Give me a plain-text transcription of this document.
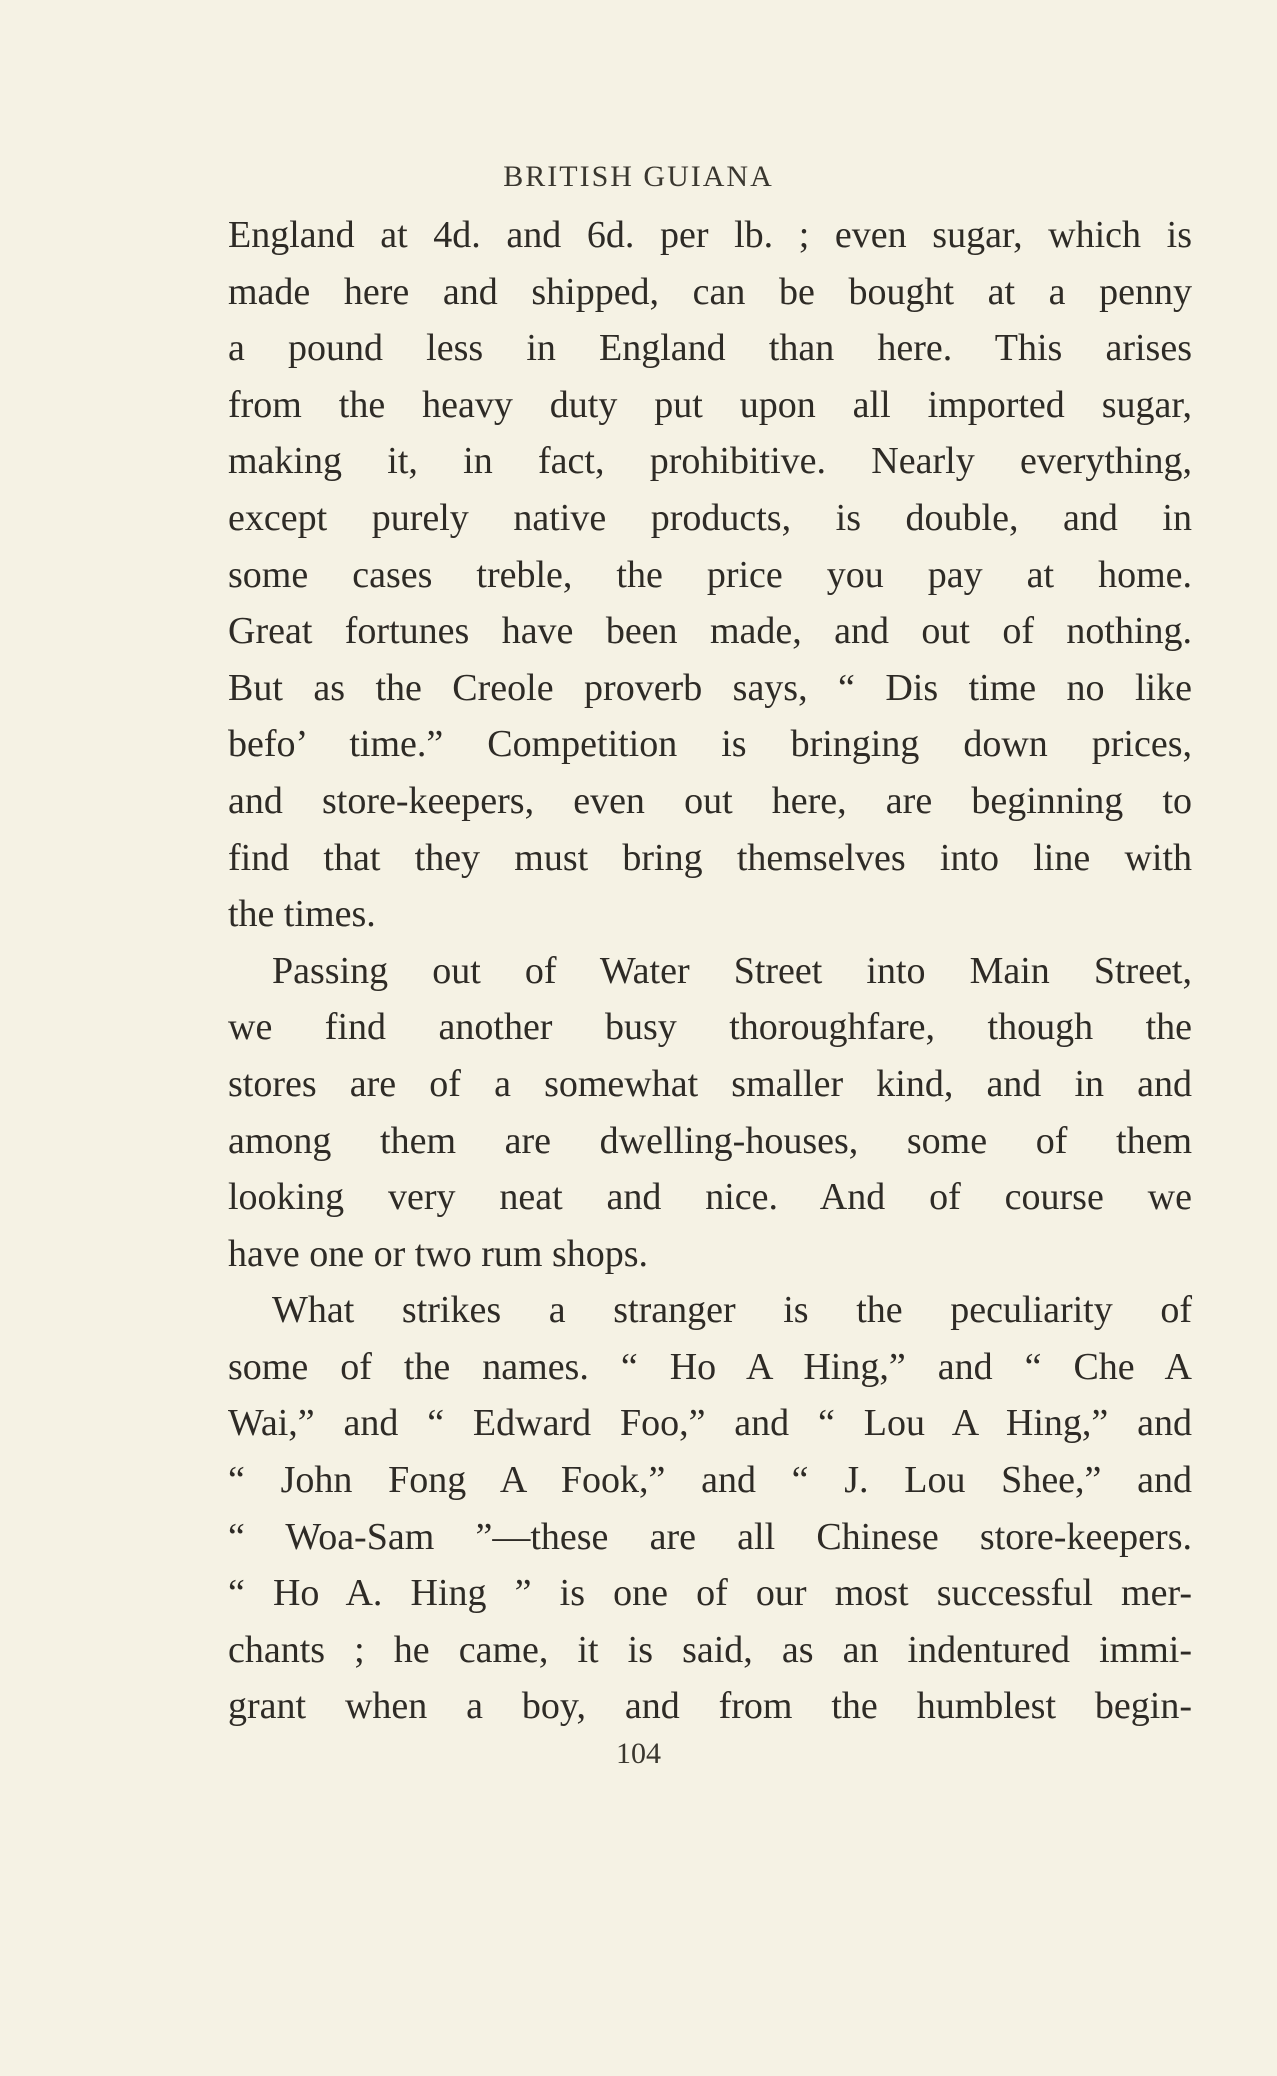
BRITISH GUIANA
England at 4d. and 6d. per lb. ; even sugar, which is
made here and shipped, can be bought at a penny
a pound less in England than here. This arises
from the heavy duty put upon all imported sugar,
making it, in fact, prohibitive. Nearly everything,
except purely native products, is double, and in
some cases treble, the price you pay at home.
Great fortunes have been made, and out of nothing.
But as the Creole proverb says, “ Dis time no like
befo’ time.” Competition is bringing down prices,
and store-keepers, even out here, are beginning to
find that they must bring themselves into line with
the times.
Passing out of Water Street into Main Street,
we find another busy thoroughfare, though the
stores are of a somewhat smaller kind, and in and
among them are dwelling-houses, some of them
looking very neat and nice. And of course we
have one or two rum shops.
What strikes a stranger is the peculiarity of
some of the names. “ Ho A Hing,” and “ Che A
Wai,” and “ Edward Foo,” and “ Lou A Hing,” and
“ John Fong A Fook,” and “ J. Lou Shee,” and
“ Woa-Sam ”—these are all Chinese store-keepers.
“ Ho A. Hing ” is one of our most successful mer-
chants ; he came, it is said, as an indentured immi-
grant when a boy, and from the humblest begin-
104
